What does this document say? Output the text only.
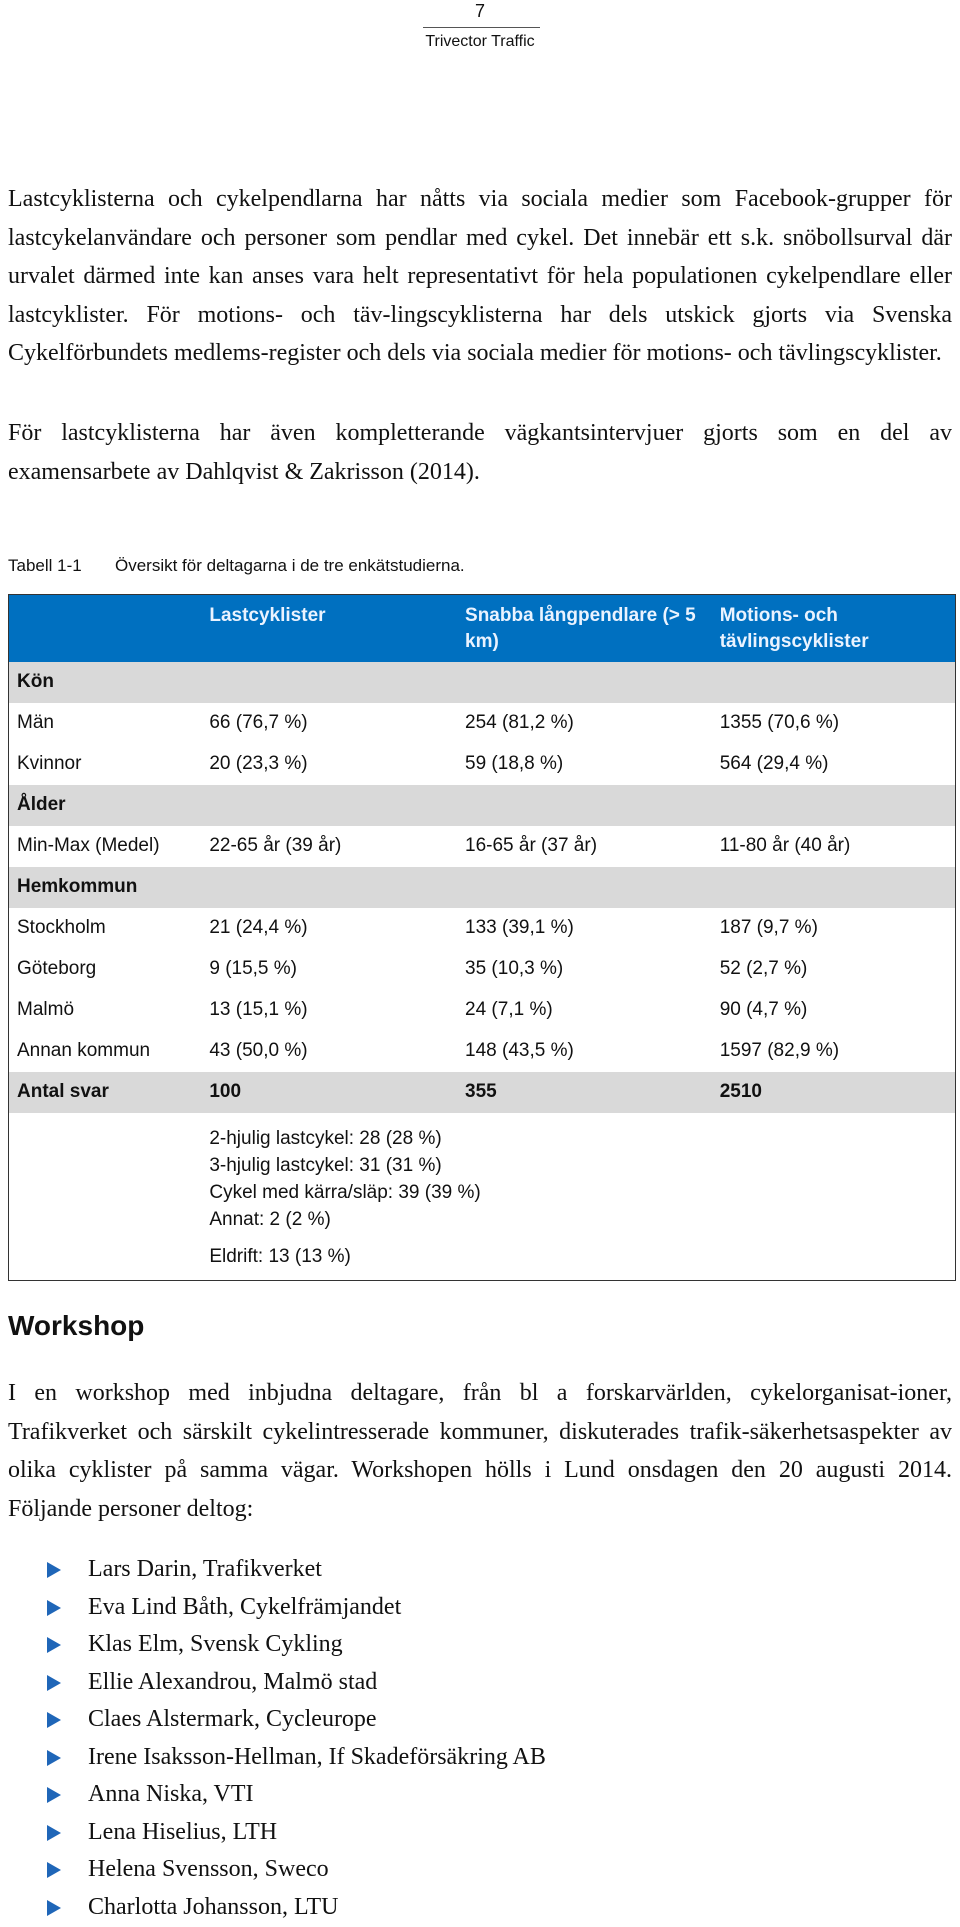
7
Trivector Traffic

Lastcyklisterna och cykelpendlarna har nåtts via sociala medier som Facebook-grupper för lastcykelanvändare och personer som pendlar med cykel. Det innebär ett s.k. snöbollsurval där urvalet därmed inte kan anses vara helt representativt för hela populationen cykelpendlare eller lastcyklister. För motions- och täv-lingscyklisterna har dels utskick gjorts via Svenska Cykelförbundets medlems-register och dels via sociala medier för motions- och tävlingscyklister.

För lastcyklisterna har även kompletterande vägkantsintervjuer gjorts som en del av examensarbete av Dahlqvist & Zakrisson (2014).

Tabell 1-1 Översikt för deltagarna i de tre enkätstudierna.
	Lastcyklister	Snabba långpendlare (> 5 km)	Motions- och tävlingscyklister
Kön			
Män	66 (76,7 %)	254 (81,2 %)	1355 (70,6 %)
Kvinnor	20 (23,3 %)	59 (18,8 %)	564 (29,4 %)
Ålder			
Min-Max (Medel)	22-65 år (39 år)	16-65 år (37 år)	11-80 år (40 år)
Hemkommun			
Stockholm	21 (24,4 %)	133 (39,1 %)	187 (9,7 %)
Göteborg	9 (15,5 %)	35 (10,3 %)	52 (2,7 %)
Malmö	13 (15,1 %)	24 (7,1 %)	90 (4,7 %)
Annan kommun	43 (50,0 %)	148 (43,5 %)	1597 (82,9 %)
Antal svar	100	355	2510

	2-hjulig lastcykel: 28 (28 %)
3-hjulig lastcykel: 31 (31 %)
Cykel med kärra/släp: 39 (39 %)
Annat: 2 (2 %)
Eldrift: 13 (13 %)		
Workshop

I en workshop med inbjudna deltagare, från bl a forskarvärlden, cykelorganisat-ioner, Trafikverket och särskilt cykelintresserade kommuner, diskuterades trafik-säkerhetsaspekter av olika cyklister på samma vägar. Workshopen hölls i Lund onsdagen den 20 augusti 2014. Följande personer deltog:

Lars Darin, Trafikverket
Eva Lind Båth, Cykelfrämjandet
Klas Elm, Svensk Cykling
Ellie Alexandrou, Malmö stad
Claes Alstermark, Cycleurope
Irene Isaksson-Hellman, If Skadeförsäkring AB
Anna Niska, VTI
Lena Hiselius, LTH
Helena Svensson, Sweco
Charlotta Johansson, LTU
